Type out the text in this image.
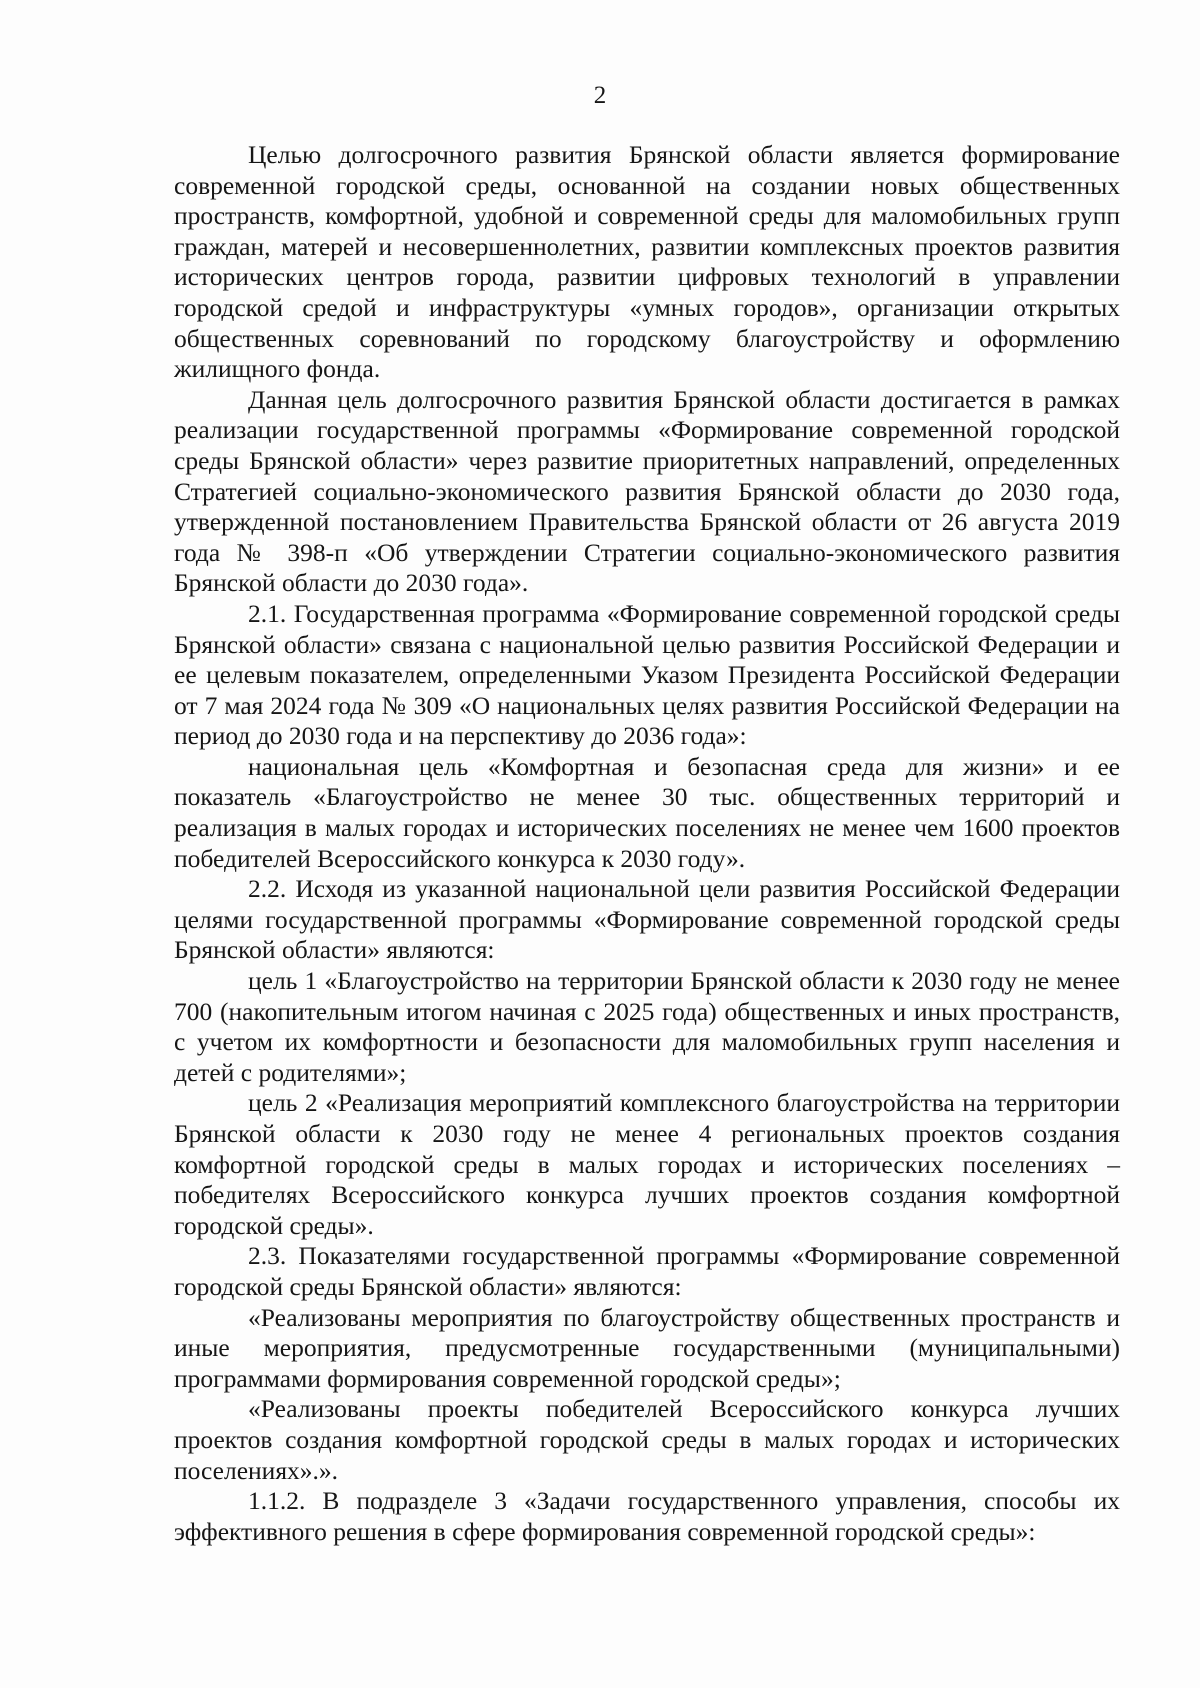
2

Целью долгосрочного развития Брянской области является формирование современной городской среды, основанной на создании новых общественных пространств, комфортной, удобной и современной среды для маломобильных групп граждан, матерей и несовершеннолетних, развитии комплексных проектов развития исторических центров города, развитии цифровых технологий в управлении городской средой и инфраструктуры «умных городов», организации открытых общественных соревнований по городскому благоустройству и оформлению жилищного фонда.

Данная цель долгосрочного развития Брянской области достигается в рамках реализации государственной программы «Формирование современной городской среды Брянской области» через развитие приоритетных направлений, определенных Стратегией социально-экономического развития Брянской области до 2030 года, утвержденной постановлением Правительства Брянской области от 26 августа 2019 года № 398-п «Об утверждении Стратегии социально-экономического развития Брянской области до 2030 года».

2.1. Государственная программа «Формирование современной городской среды Брянской области» связана с национальной целью развития Российской Федерации и ее целевым показателем, определенными Указом Президента Российской Федерации от 7 мая 2024 года № 309 «О национальных целях развития Российской Федерации на период до 2030 года и на перспективу до 2036 года»:

национальная цель «Комфортная и безопасная среда для жизни» и ее показатель «Благоустройство не менее 30 тыс. общественных территорий и реализация в малых городах и исторических поселениях не менее чем 1600 проектов победителей Всероссийского конкурса к 2030 году».

2.2. Исходя из указанной национальной цели развития Российской Федерации целями государственной программы «Формирование современной городской среды Брянской области» являются:

цель 1 «Благоустройство на территории Брянской области к 2030 году не менее 700 (накопительным итогом начиная с 2025 года) общественных и иных пространств, с учетом их комфортности и безопасности для маломобильных групп населения и детей с родителями»;

цель 2 «Реализация мероприятий комплексного благоустройства на территории Брянской области к 2030 году не менее 4 региональных проектов создания комфортной городской среды в малых городах и исторических поселениях – победителях Всероссийского конкурса лучших проектов создания комфортной городской среды».

2.3. Показателями государственной программы «Формирование современной городской среды Брянской области» являются:

«Реализованы мероприятия по благоустройству общественных пространств и иные мероприятия, предусмотренные государственными (муниципальными) программами формирования современной городской среды»;

«Реализованы проекты победителей Всероссийского конкурса лучших проектов создания комфортной городской среды в малых городах и исторических поселениях».».

1.1.2. В подразделе 3 «Задачи государственного управления, способы их эффективного решения в сфере формирования современной городской среды»:
